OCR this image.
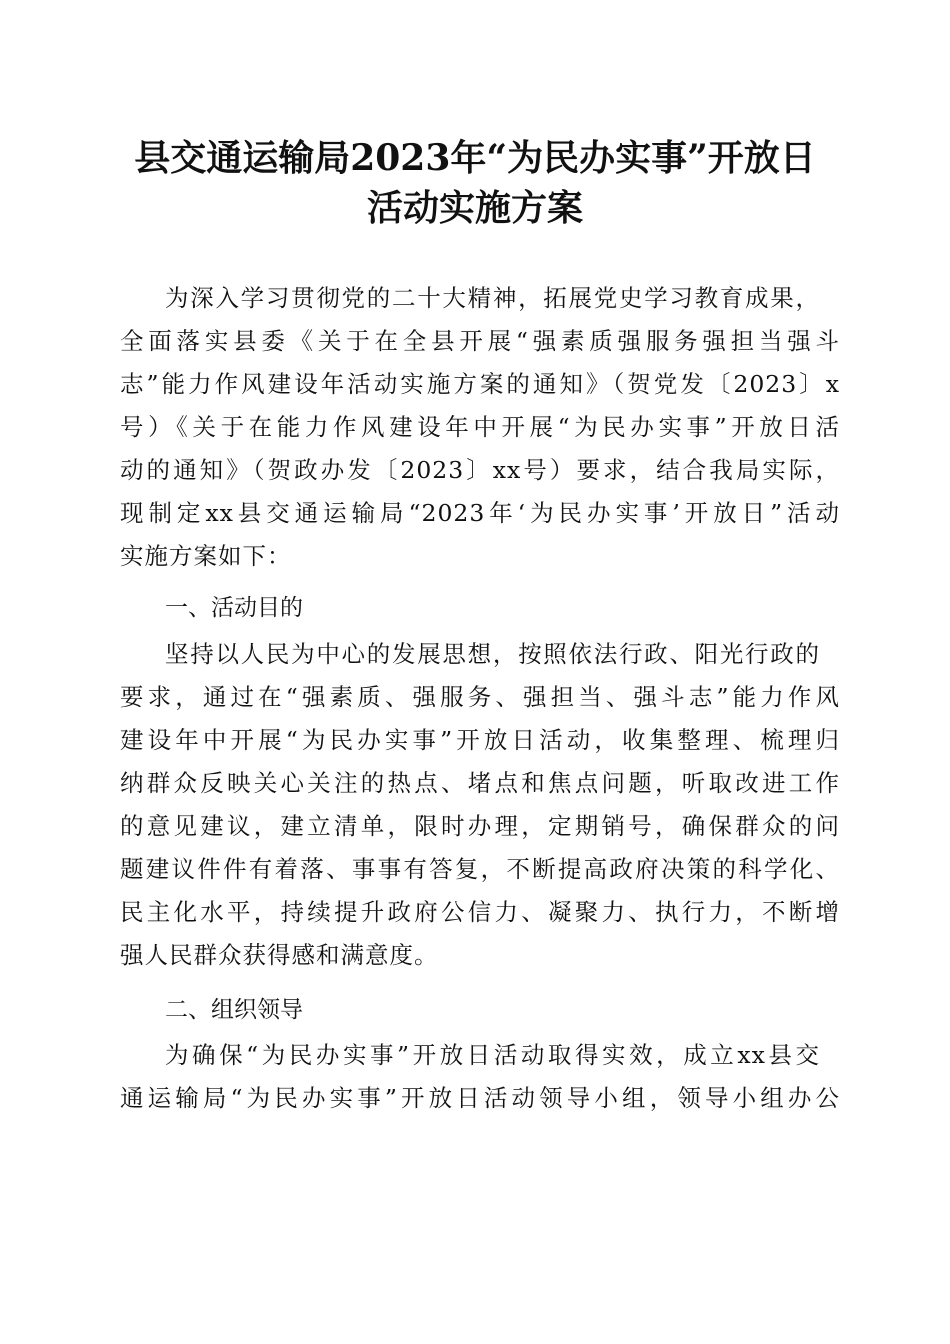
县交通运输局2023年“为民办实事”开放日
活动实施方案
为深入学习贯彻党的二十大精神，拓展党史学习教育成果，
全面落实县委《关于在全县开展“强素质强服务强担当强斗
志”能力作风建设年活动实施方案的通知》（贺党发〔2023〕x
号）《关于在能力作风建设年中开展“为民办实事”开放日活
动的通知》（贺政办发〔2023〕xx号）要求，结合我局实际，
现制定xx县交通运输局“2023年‘为民办实事’开放日”活动
实施方案如下：
一、活动目的
坚持以人民为中心的发展思想，按照依法行政、阳光行政的
要求，通过在“强素质、强服务、强担当、强斗志”能力作风
建设年中开展“为民办实事”开放日活动，收集整理、梳理归
纳群众反映关心关注的热点、堵点和焦点问题，听取改进工作
的意见建议，建立清单，限时办理，定期销号，确保群众的问
题建议件件有着落、事事有答复，不断提高政府决策的科学化、
民主化水平，持续提升政府公信力、凝聚力、执行力，不断增
强人民群众获得感和满意度。
二、组织领导
为确保“为民办实事”开放日活动取得实效，成立xx县交
通运输局“为民办实事”开放日活动领导小组，领导小组办公
